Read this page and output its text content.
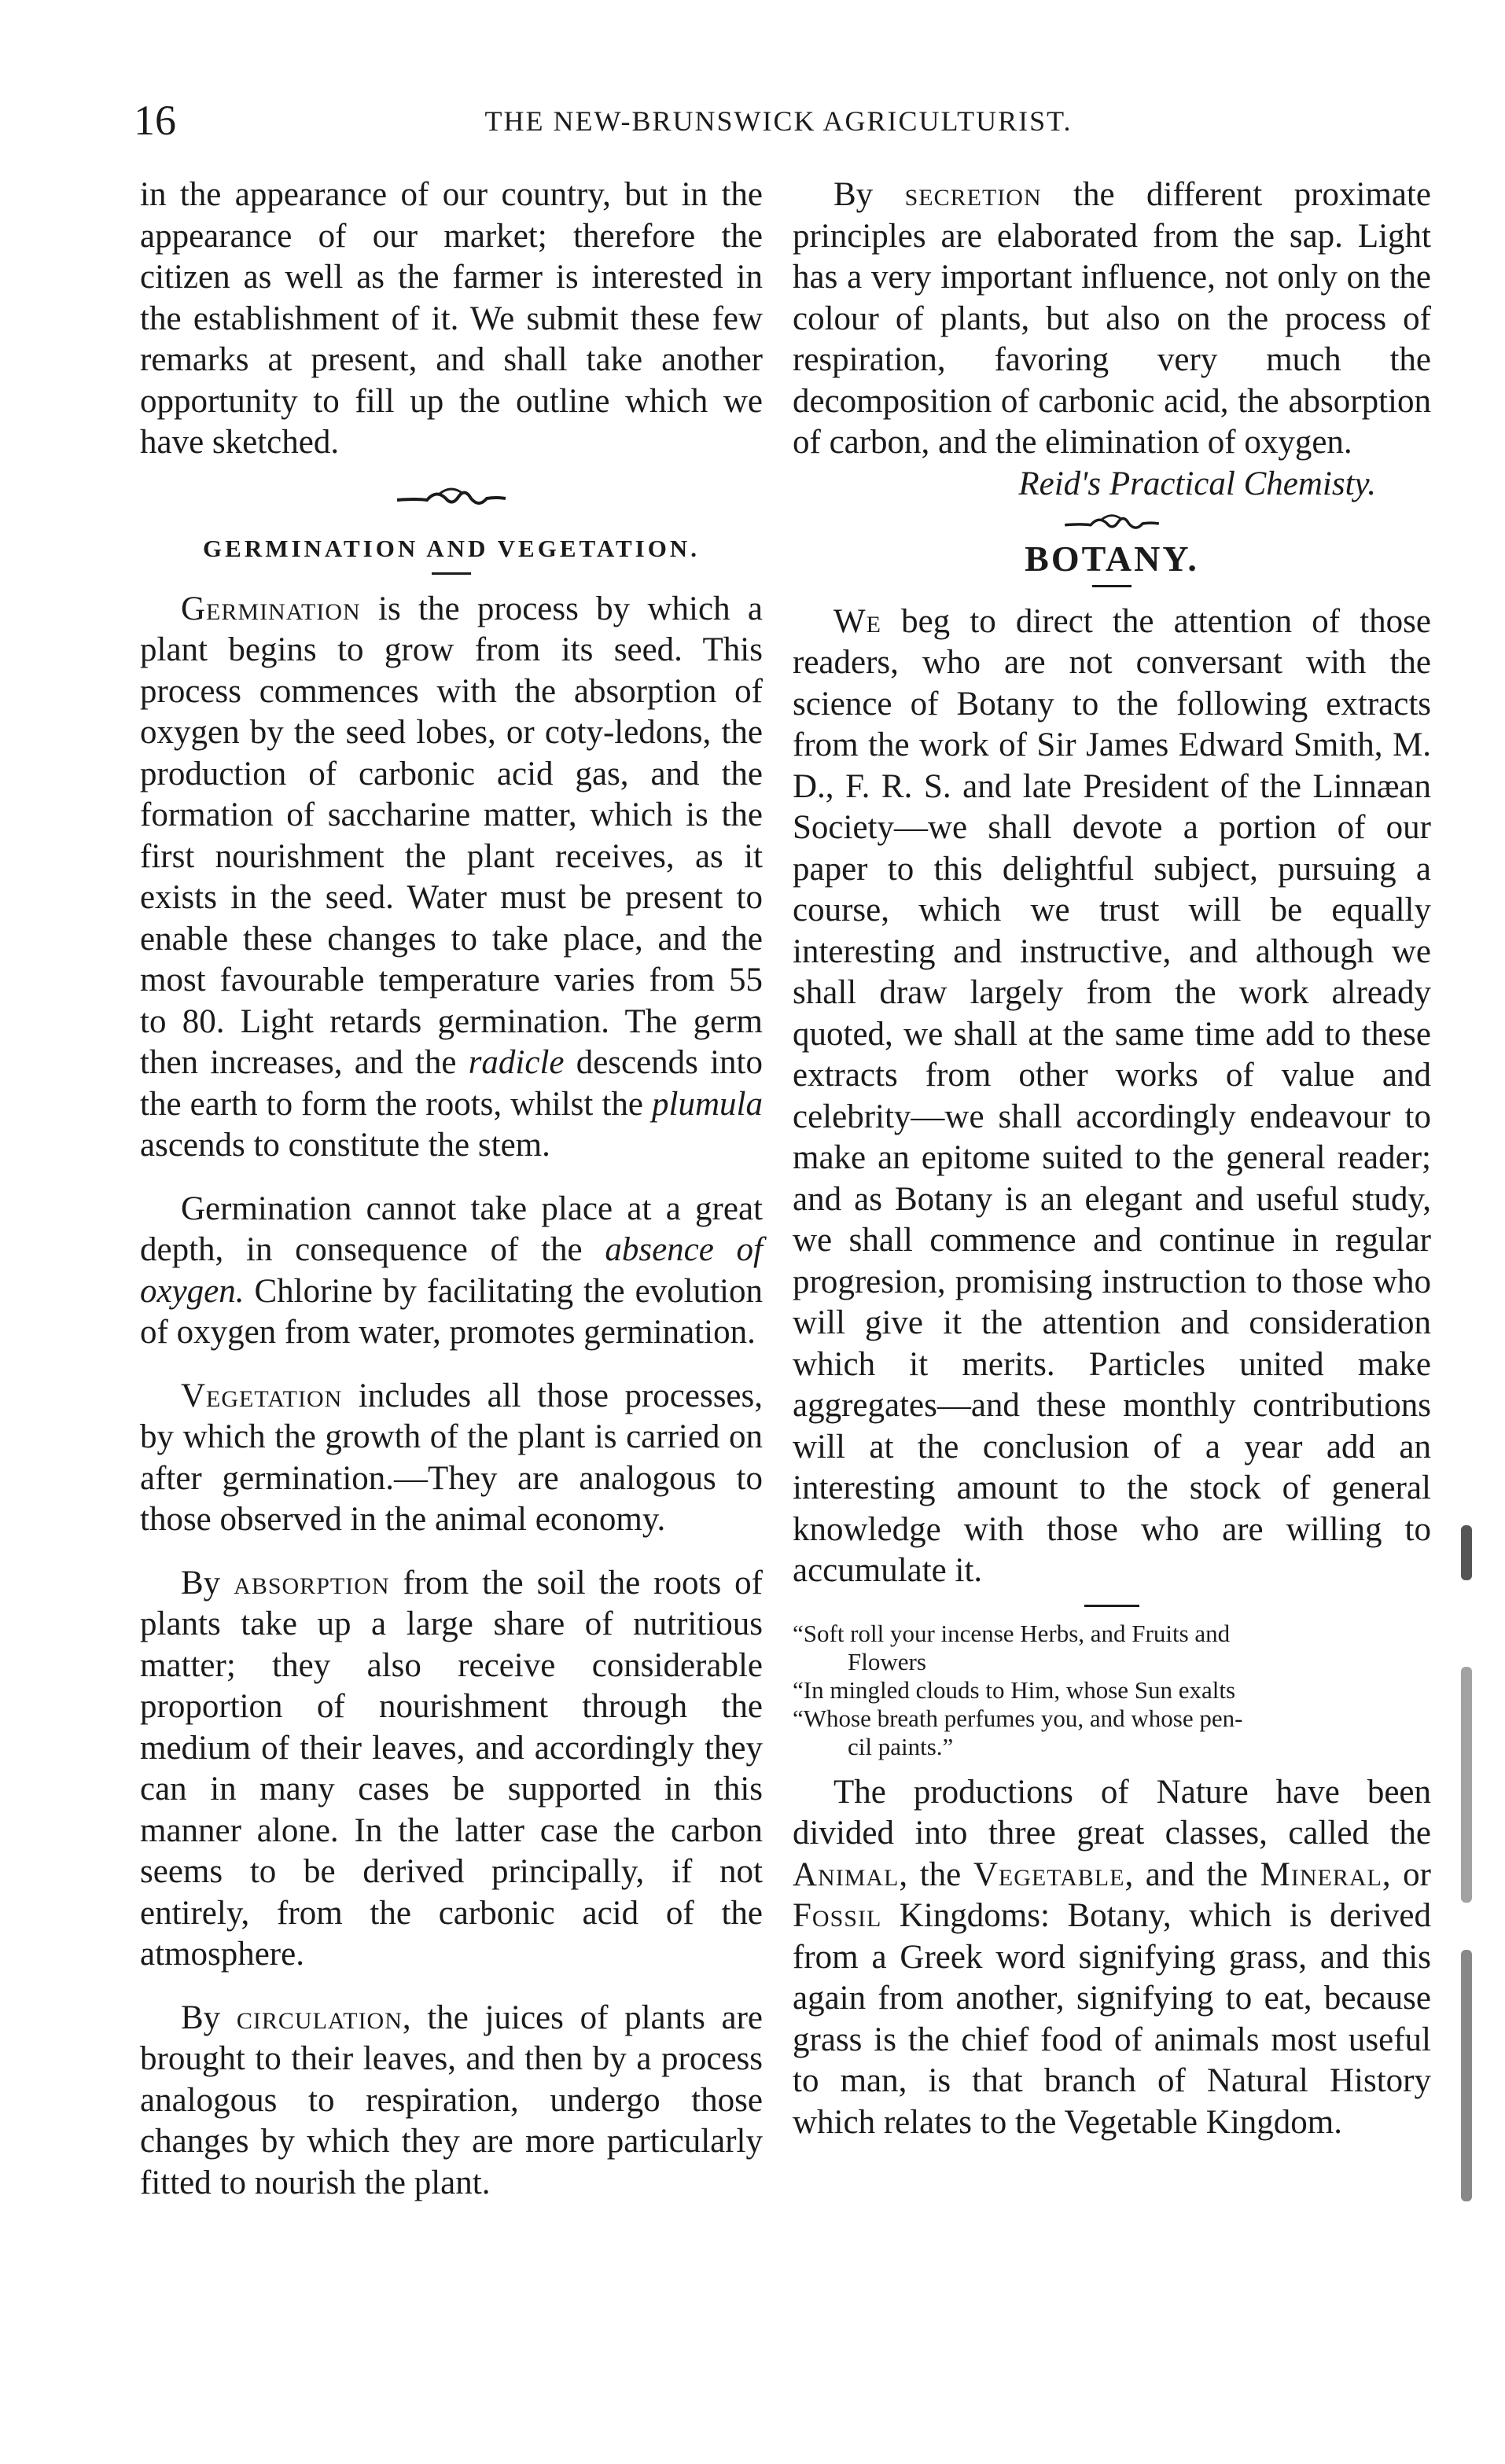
16	THE NEW-BRUNSWICK AGRICULTURIST.

in the appearance of our country, but in the appearance of our market; therefore the citizen as well as the farmer is interested in the establishment of it. We submit these few remarks at present, and shall take another opportunity to fill up the outline which we have sketched.

GERMINATION AND VEGETATION.

Germination is the process by which a plant begins to grow from its seed. This process commences with the absorption of oxygen by the seed lobes, or coty-ledons, the production of carbonic acid gas, and the formation of saccharine matter, which is the first nourishment the plant receives, as it exists in the seed. Water must be present to enable these changes to take place, and the most favourable temperature varies from 55 to 80. Light retards germination. The germ then increases, and the radicle descends into the earth to form the roots, whilst the plumula ascends to constitute the stem.

Germination cannot take place at a great depth, in consequence of the absence of oxygen. Chlorine by facilitating the evolution of oxygen from water, promotes germination.

Vegetation includes all those processes, by which the growth of the plant is carried on after germination.—They are analogous to those observed in the animal economy.

By absorption from the soil the roots of plants take up a large share of nutritious matter; they also receive considerable proportion of nourishment through the medium of their leaves, and accordingly they can in many cases be supported in this manner alone. In the latter case the carbon seems to be derived principally, if not entirely, from the carbonic acid of the atmosphere.

By circulation, the juices of plants are brought to their leaves, and then by a process analogous to respiration, undergo those changes by which they are more particularly fitted to nourish the plant.

By secretion the different proximate principles are elaborated from the sap. Light has a very important influence, not only on the colour of plants, but also on the process of respiration, favoring very much the decomposition of carbonic acid, the absorption of carbon, and the elimination of oxygen.

Reid's Practical Chemisty.

BOTANY.

We beg to direct the attention of those readers, who are not conversant with the science of Botany to the following extracts from the work of Sir James Edward Smith, M. D., F. R. S. and late President of the Linnæan Society—we shall devote a portion of our paper to this delightful subject, pursuing a course, which we trust will be equally interesting and instructive, and although we shall draw largely from the work already quoted, we shall at the same time add to these extracts from other works of value and celebrity—we shall accordingly endeavour to make an epitome suited to the general reader; and as Botany is an elegant and useful study, we shall commence and continue in regular progresion, promising instruction to those who will give it the attention and consideration which it merits. Particles united make aggregates—and these monthly contributions will at the conclusion of a year add an interesting amount to the stock of general knowledge with those who are willing to accumulate it.

“Soft roll your incense Herbs, and Fruits and

Flowers

“In mingled clouds to Him, whose Sun exalts

“Whose breath perfumes you, and whose pen-

cil paints.”

The productions of Nature have been divided into three great classes, called the Animal, the Vegetable, and the Mineral, or Fossil Kingdoms: Botany, which is derived from a Greek word signifying grass, and this again from another, signifying to eat, because grass is the chief food of animals most useful to man, is that branch of Natural History which relates to the Vegetable Kingdom.
